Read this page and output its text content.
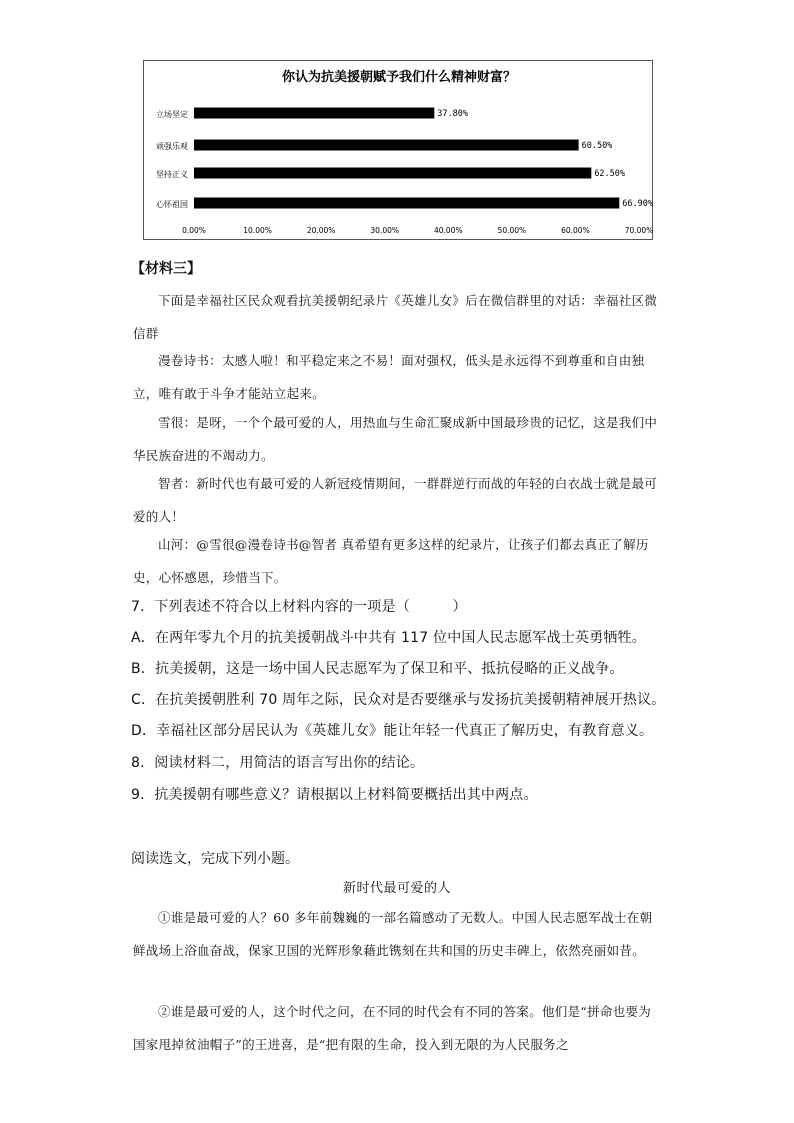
你认为抗美援朝赋予我们什么精神财富？
立场坚定	37.80%
顽强乐观	60.50%
坚持正义	62.50%
心怀祖国	66.90%
0.00%	10.00%	20.00%	30.00%	40.00%	50.00%	60.00%	70.00%
【材料三】

下面是幸福社区民众观看抗美援朝纪录片《英雄儿女》后在微信群里的对话：幸福社区微信群

漫卷诗书：太感人啦！和平稳定来之不易！面对强权，低头是永远得不到尊重和自由独立，唯有敢于斗争才能站立起来。

雪很：是呀，一个个最可爱的人，用热血与生命汇聚成新中国最珍贵的记忆，这是我们中华民族奋进的不竭动力。

智者：新时代也有最可爱的人新冠疫情期间，一群群逆行而战的年轻的白衣战士就是最可爱的人！

山河：@雪很@漫卷诗书@智者 真希望有更多这样的纪录片，让孩子们都去真正了解历史，心怀感恩，珍惜当下。

7．下列表述不符合以上材料内容的一项是（　　　）
A．在两年零九个月的抗美援朝战斗中共有 117 位中国人民志愿军战士英勇牺牲。
B．抗美援朝，这是一场中国人民志愿军为了保卫和平、抵抗侵略的正义战争。
C．在抗美援朝胜利 70 周年之际，民众对是否要继承与发扬抗美援朝精神展开热议。
D．幸福社区部分居民认为《英雄儿女》能让年轻一代真正了解历史，有教育意义。
8．阅读材料二，用简洁的语言写出你的结论。
9．抗美援朝有哪些意义？请根据以上材料简要概括出其中两点。
阅读选文，完成下列小题。
新时代最可爱的人

①谁是最可爱的人？60 多年前魏巍的一部名篇感动了无数人。中国人民志愿军战士在朝鲜战场上浴血奋战，保家卫国的光辉形象藉此镌刻在共和国的历史丰碑上，依然亮丽如昔。

②谁是最可爱的人，这个时代之问，在不同的时代会有不同的答案。他们是“拼命也要为国家甩掉贫油帽子”的王进喜，是“把有限的生命，投入到无限的为人民服务之
